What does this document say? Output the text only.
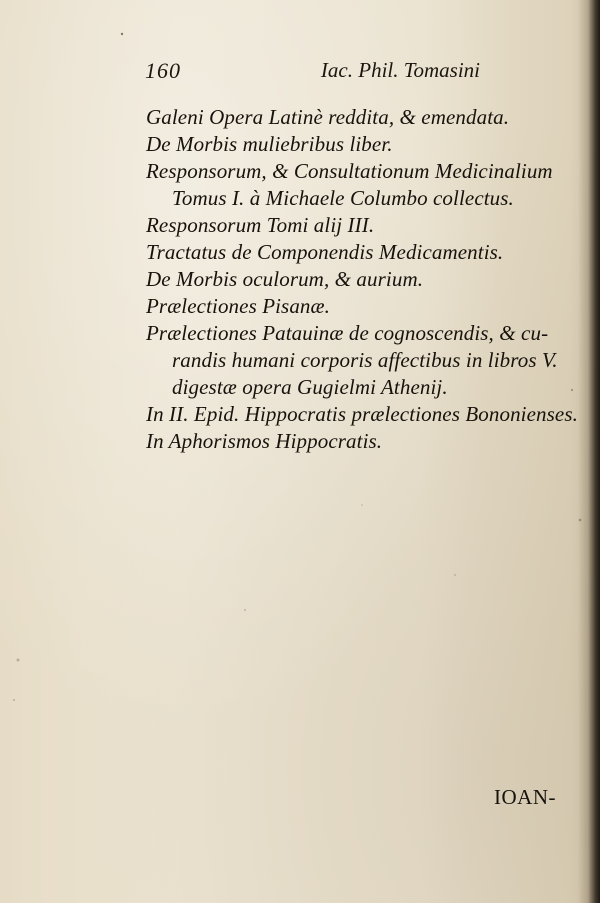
160	Iac. Phil. Tomasini
Galeni Opera Latinè reddita, & emendata.
De Morbis muliebribus liber.
Responsorum, & Consultationum Medicinalium

Tomus I. à Michaele Columbo collectus.
Responsorum Tomi alij III.
Tractatus de Componendis Medicamentis.
De Morbis oculorum, & aurium.
Prælectiones Pisanæ.
Prælectiones Patauinæ de cognoscendis, & cu-

randis humani corporis affectibus in libros V.
digestæ opera Gugielmi Athenij.
In II. Epid. Hippocratis prælectiones Bononienses.
In Aphorismos Hippocratis.
IOAN-
